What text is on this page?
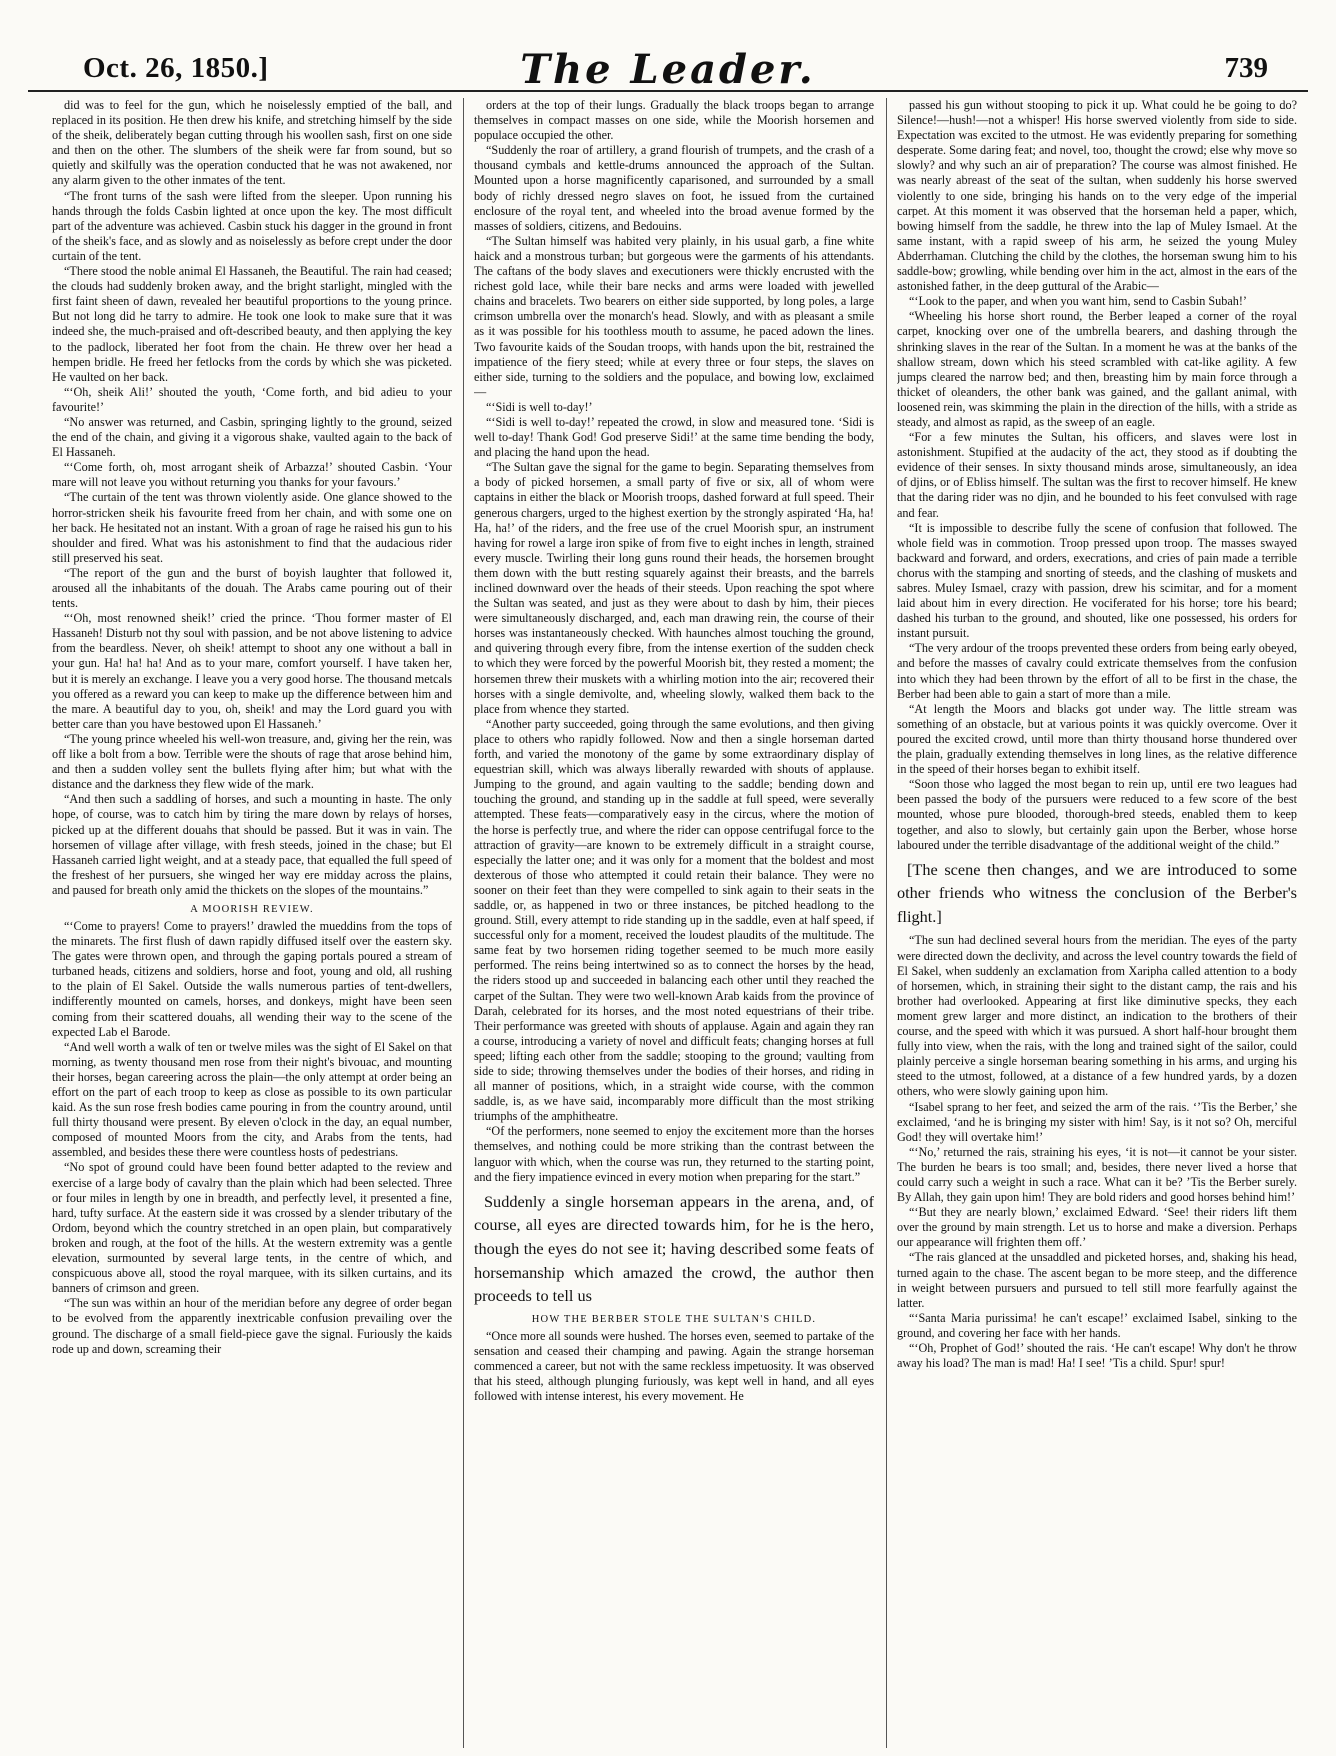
Oct. 26, 1850.]	The Leader.	739

did was to feel for the gun, which he noiselessly emptied of the ball, and replaced in its position. He then drew his knife, and stretching himself by the side of the sheik, deliberately began cutting through his woollen sash, first on one side and then on the other. The slumbers of the sheik were far from sound, but so quietly and skilfully was the operation conducted that he was not awakened, nor any alarm given to the other inmates of the tent.

“The front turns of the sash were lifted from the sleeper. Upon running his hands through the folds Casbin lighted at once upon the key. The most difficult part of the adventure was achieved. Casbin stuck his dagger in the ground in front of the sheik's face, and as slowly and as noiselessly as before crept under the door curtain of the tent.

“There stood the noble animal El Hassaneh, the Beautiful. The rain had ceased; the clouds had suddenly broken away, and the bright starlight, mingled with the first faint sheen of dawn, revealed her beautiful proportions to the young prince. But not long did he tarry to admire. He took one look to make sure that it was indeed she, the much-praised and oft-described beauty, and then applying the key to the padlock, liberated her foot from the chain. He threw over her head a hempen bridle. He freed her fetlocks from the cords by which she was picketed. He vaulted on her back.

“‘Oh, sheik Ali!’ shouted the youth, ‘Come forth, and bid adieu to your favourite!’

“No answer was returned, and Casbin, springing lightly to the ground, seized the end of the chain, and giving it a vigorous shake, vaulted again to the back of El Hassaneh.

“‘Come forth, oh, most arrogant sheik of Arbazza!’ shouted Casbin. ‘Your mare will not leave you without returning you thanks for your favours.’

“The curtain of the tent was thrown violently aside. One glance showed to the horror-stricken sheik his favourite freed from her chain, and with some one on her back. He hesitated not an instant. With a groan of rage he raised his gun to his shoulder and fired. What was his astonishment to find that the audacious rider still preserved his seat.

“The report of the gun and the burst of boyish laughter that followed it, aroused all the inhabitants of the douah. The Arabs came pouring out of their tents.

“‘Oh, most renowned sheik!’ cried the prince. ‘Thou former master of El Hassaneh! Disturb not thy soul with passion, and be not above listening to advice from the beardless. Never, oh sheik! attempt to shoot any one without a ball in your gun. Ha! ha! ha! And as to your mare, comfort yourself. I have taken her, but it is merely an exchange. I leave you a very good horse. The thousand metcals you offered as a reward you can keep to make up the difference between him and the mare. A beautiful day to you, oh, sheik! and may the Lord guard you with better care than you have bestowed upon El Hassaneh.’

“The young prince wheeled his well-won treasure, and, giving her the rein, was off like a bolt from a bow. Terrible were the shouts of rage that arose behind him, and then a sudden volley sent the bullets flying after him; but what with the distance and the darkness they flew wide of the mark.

“And then such a saddling of horses, and such a mounting in haste. The only hope, of course, was to catch him by tiring the mare down by relays of horses, picked up at the different douahs that should be passed. But it was in vain. The horsemen of village after village, with fresh steeds, joined in the chase; but El Hassaneh carried light weight, and at a steady pace, that equalled the full speed of the freshest of her pursuers, she winged her way ere midday across the plains, and paused for breath only amid the thickets on the slopes of the mountains.”

A MOORISH REVIEW.

“‘Come to prayers! Come to prayers!’ drawled the mueddins from the tops of the minarets. The first flush of dawn rapidly diffused itself over the eastern sky. The gates were thrown open, and through the gaping portals poured a stream of turbaned heads, citizens and soldiers, horse and foot, young and old, all rushing to the plain of El Sakel. Outside the walls numerous parties of tent-dwellers, indifferently mounted on camels, horses, and donkeys, might have been seen coming from their scattered douahs, all wending their way to the scene of the expected Lab el Barode.

“And well worth a walk of ten or twelve miles was the sight of El Sakel on that morning, as twenty thousand men rose from their night's bivouac, and mounting their horses, began careering across the plain—the only attempt at order being an effort on the part of each troop to keep as close as possible to its own particular kaid. As the sun rose fresh bodies came pouring in from the country around, until full thirty thousand were present. By eleven o'clock in the day, an equal number, composed of mounted Moors from the city, and Arabs from the tents, had assembled, and besides these there were countless hosts of pedestrians.

“No spot of ground could have been found better adapted to the review and exercise of a large body of cavalry than the plain which had been selected. Three or four miles in length by one in breadth, and perfectly level, it presented a fine, hard, tufty surface. At the eastern side it was crossed by a slender tributary of the Ordom, beyond which the country stretched in an open plain, but comparatively broken and rough, at the foot of the hills. At the western extremity was a gentle elevation, surmounted by several large tents, in the centre of which, and conspicuous above all, stood the royal marquee, with its silken curtains, and its banners of crimson and green.

“The sun was within an hour of the meridian before any degree of order began to be evolved from the apparently inextricable confusion prevailing over the ground. The discharge of a small field-piece gave the signal. Furiously the kaids rode up and down, screaming their

orders at the top of their lungs. Gradually the black troops began to arrange themselves in compact masses on one side, while the Moorish horsemen and populace occupied the other.

“Suddenly the roar of artillery, a grand flourish of trumpets, and the crash of a thousand cymbals and kettle-drums announced the approach of the Sultan. Mounted upon a horse magnificently caparisoned, and surrounded by a small body of richly dressed negro slaves on foot, he issued from the curtained enclosure of the royal tent, and wheeled into the broad avenue formed by the masses of soldiers, citizens, and Bedouins.

“The Sultan himself was habited very plainly, in his usual garb, a fine white haick and a monstrous turban; but gorgeous were the garments of his attendants. The caftans of the body slaves and executioners were thickly encrusted with the richest gold lace, while their bare necks and arms were loaded with jewelled chains and bracelets. Two bearers on either side supported, by long poles, a large crimson umbrella over the monarch's head. Slowly, and with as pleasant a smile as it was possible for his toothless mouth to assume, he paced adown the lines. Two favourite kaids of the Soudan troops, with hands upon the bit, restrained the impatience of the fiery steed; while at every three or four steps, the slaves on either side, turning to the soldiers and the populace, and bowing low, exclaimed—

“‘Sidi is well to-day!’

“‘Sidi is well to-day!’ repeated the crowd, in slow and measured tone. ‘Sidi is well to-day! Thank God! God preserve Sidi!’ at the same time bending the body, and placing the hand upon the head.

“The Sultan gave the signal for the game to begin. Separating themselves from a body of picked horsemen, a small party of five or six, all of whom were captains in either the black or Moorish troops, dashed forward at full speed. Their generous chargers, urged to the highest exertion by the strongly aspirated ‘Ha, ha! Ha, ha!’ of the riders, and the free use of the cruel Moorish spur, an instrument having for rowel a large iron spike of from five to eight inches in length, strained every muscle. Twirling their long guns round their heads, the horsemen brought them down with the butt resting squarely against their breasts, and the barrels inclined downward over the heads of their steeds. Upon reaching the spot where the Sultan was seated, and just as they were about to dash by him, their pieces were simultaneously discharged, and, each man drawing rein, the course of their horses was instantaneously checked. With haunches almost touching the ground, and quivering through every fibre, from the intense exertion of the sudden check to which they were forced by the powerful Moorish bit, they rested a moment; the horsemen threw their muskets with a whirling motion into the air; recovered their horses with a single demivolte, and, wheeling slowly, walked them back to the place from whence they started.

“Another party succeeded, going through the same evolutions, and then giving place to others who rapidly followed. Now and then a single horseman darted forth, and varied the monotony of the game by some extraordinary display of equestrian skill, which was always liberally rewarded with shouts of applause. Jumping to the ground, and again vaulting to the saddle; bending down and touching the ground, and standing up in the saddle at full speed, were severally attempted. These feats—comparatively easy in the circus, where the motion of the horse is perfectly true, and where the rider can oppose centrifugal force to the attraction of gravity—are known to be extremely difficult in a straight course, especially the latter one; and it was only for a moment that the boldest and most dexterous of those who attempted it could retain their balance. They were no sooner on their feet than they were compelled to sink again to their seats in the saddle, or, as happened in two or three instances, be pitched headlong to the ground. Still, every attempt to ride standing up in the saddle, even at half speed, if successful only for a moment, received the loudest plaudits of the multitude. The same feat by two horsemen riding together seemed to be much more easily performed. The reins being intertwined so as to connect the horses by the head, the riders stood up and succeeded in balancing each other until they reached the carpet of the Sultan. They were two well-known Arab kaids from the province of Darah, celebrated for its horses, and the most noted equestrians of their tribe. Their performance was greeted with shouts of applause. Again and again they ran a course, introducing a variety of novel and difficult feats; changing horses at full speed; lifting each other from the saddle; stooping to the ground; vaulting from side to side; throwing themselves under the bodies of their horses, and riding in all manner of positions, which, in a straight wide course, with the common saddle, is, as we have said, incomparably more difficult than the most striking triumphs of the amphitheatre.

“Of the performers, none seemed to enjoy the excitement more than the horses themselves, and nothing could be more striking than the contrast between the languor with which, when the course was run, they returned to the starting point, and the fiery impatience evinced in every motion when preparing for the start.”

Suddenly a single horseman appears in the arena, and, of course, all eyes are directed towards him, for he is the hero, though the eyes do not see it; having described some feats of horsemanship which amazed the crowd, the author then proceeds to tell us

HOW THE BERBER STOLE THE SULTAN'S CHILD.

“Once more all sounds were hushed. The horses even, seemed to partake of the sensation and ceased their champing and pawing. Again the strange horseman commenced a career, but not with the same reckless impetuosity. It was observed that his steed, although plunging furiously, was kept well in hand, and all eyes followed with intense interest, his every movement. He

passed his gun without stooping to pick it up. What could he be going to do? Silence!—hush!—not a whisper! His horse swerved violently from side to side. Expectation was excited to the utmost. He was evidently preparing for something desperate. Some daring feat; and novel, too, thought the crowd; else why move so slowly? and why such an air of preparation? The course was almost finished. He was nearly abreast of the seat of the sultan, when suddenly his horse swerved violently to one side, bringing his hands on to the very edge of the imperial carpet. At this moment it was observed that the horseman held a paper, which, bowing himself from the saddle, he threw into the lap of Muley Ismael. At the same instant, with a rapid sweep of his arm, he seized the young Muley Abderrhaman. Clutching the child by the clothes, the horseman swung him to his saddle-bow; growling, while bending over him in the act, almost in the ears of the astonished father, in the deep guttural of the Arabic—

“‘Look to the paper, and when you want him, send to Casbin Subah!’

“Wheeling his horse short round, the Berber leaped a corner of the royal carpet, knocking over one of the umbrella bearers, and dashing through the shrinking slaves in the rear of the Sultan. In a moment he was at the banks of the shallow stream, down which his steed scrambled with cat-like agility. A few jumps cleared the narrow bed; and then, breasting him by main force through a thicket of oleanders, the other bank was gained, and the gallant animal, with loosened rein, was skimming the plain in the direction of the hills, with a stride as steady, and almost as rapid, as the sweep of an eagle.

“For a few minutes the Sultan, his officers, and slaves were lost in astonishment. Stupified at the audacity of the act, they stood as if doubting the evidence of their senses. In sixty thousand minds arose, simultaneously, an idea of djins, or of Ebliss himself. The sultan was the first to recover himself. He knew that the daring rider was no djin, and he bounded to his feet convulsed with rage and fear.

“It is impossible to describe fully the scene of confusion that followed. The whole field was in commotion. Troop pressed upon troop. The masses swayed backward and forward, and orders, execrations, and cries of pain made a terrible chorus with the stamping and snorting of steeds, and the clashing of muskets and sabres. Muley Ismael, crazy with passion, drew his scimitar, and for a moment laid about him in every direction. He vociferated for his horse; tore his beard; dashed his turban to the ground, and shouted, like one possessed, his orders for instant pursuit.

“The very ardour of the troops prevented these orders from being early obeyed, and before the masses of cavalry could extricate themselves from the confusion into which they had been thrown by the effort of all to be first in the chase, the Berber had been able to gain a start of more than a mile.

“At length the Moors and blacks got under way. The little stream was something of an obstacle, but at various points it was quickly overcome. Over it poured the excited crowd, until more than thirty thousand horse thundered over the plain, gradually extending themselves in long lines, as the relative difference in the speed of their horses began to exhibit itself.

“Soon those who lagged the most began to rein up, until ere two leagues had been passed the body of the pursuers were reduced to a few score of the best mounted, whose pure blooded, thorough-bred steeds, enabled them to keep together, and also to slowly, but certainly gain upon the Berber, whose horse laboured under the terrible disadvantage of the additional weight of the child.”

[The scene then changes, and we are introduced to some other friends who witness the conclusion of the Berber's flight.]

“The sun had declined several hours from the meridian. The eyes of the party were directed down the declivity, and across the level country towards the field of El Sakel, when suddenly an exclamation from Xaripha called attention to a body of horsemen, which, in straining their sight to the distant camp, the rais and his brother had overlooked. Appearing at first like diminutive specks, they each moment grew larger and more distinct, an indication to the brothers of their course, and the speed with which it was pursued. A short half-hour brought them fully into view, when the rais, with the long and trained sight of the sailor, could plainly perceive a single horseman bearing something in his arms, and urging his steed to the utmost, followed, at a distance of a few hundred yards, by a dozen others, who were slowly gaining upon him.

“Isabel sprang to her feet, and seized the arm of the rais. ‘’Tis the Berber,’ she exclaimed, ‘and he is bringing my sister with him! Say, is it not so? Oh, merciful God! they will overtake him!’

“‘No,’ returned the rais, straining his eyes, ‘it is not—it cannot be your sister. The burden he bears is too small; and, besides, there never lived a horse that could carry such a weight in such a race. What can it be? ’Tis the Berber surely. By Allah, they gain upon him! They are bold riders and good horses behind him!’

“‘But they are nearly blown,’ exclaimed Edward. ‘See! their riders lift them over the ground by main strength. Let us to horse and make a diversion. Perhaps our appearance will frighten them off.’

“The rais glanced at the unsaddled and picketed horses, and, shaking his head, turned again to the chase. The ascent began to be more steep, and the difference in weight between pursuers and pursued to tell still more fearfully against the latter.

“‘Santa Maria purissima! he can't escape!’ exclaimed Isabel, sinking to the ground, and covering her face with her hands.

“‘Oh, Prophet of God!’ shouted the rais. ‘He can't escape! Why don't he throw away his load? The man is mad! Ha! I see! ’Tis a child. Spur! spur!
